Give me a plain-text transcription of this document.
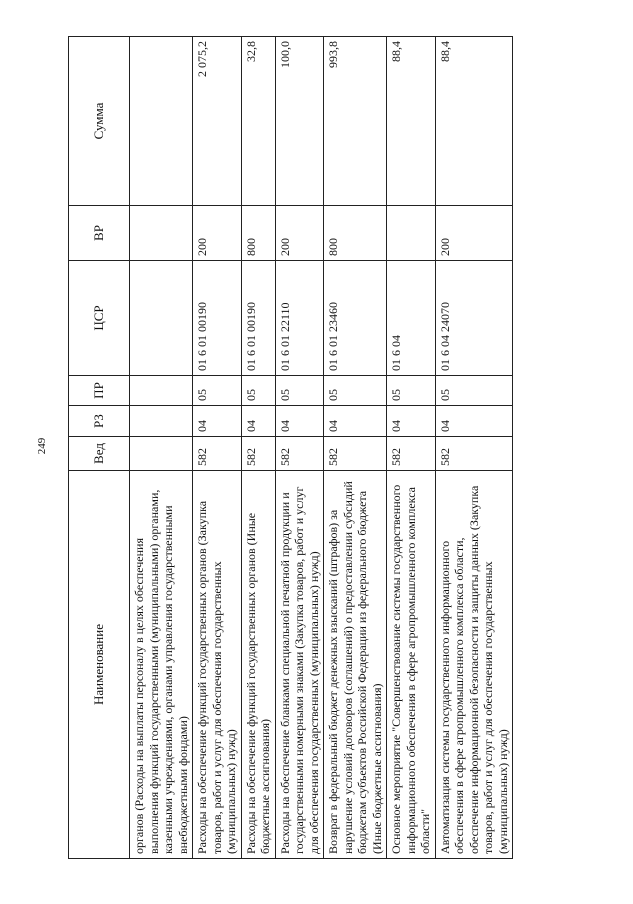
249
Наименование	Вед	РЗ	ПР	ЦСР	ВР	Сумма
органов (Расходы на выплаты персоналу в целях обеспечения выполнения функций государственными (муниципальными) органами, казенными учреждениями, органами управления государственными внебюджетными фондами)						
Расходы на обеспечение функций государственных органов (Закупка товаров, работ и услуг для обеспечения государственных (муниципальных) нужд)	582	04	05	01 6 01 00190	200	2 075,2
Расходы на обеспечение функций государственных органов (Иные бюджетные ассигнования)	582	04	05	01 6 01 00190	800	32,8
Расходы на обеспечение бланками специальной печатной продукции и государственными номерными знаками (Закупка товаров, работ и услуг для обеспечения государственных (муниципальных) нужд)	582	04	05	01 6 01 22110	200	100,0
Возврат в федеральный бюджет денежных взысканий (штрафов) за нарушение условий договоров (соглашений) о предоставлении субсидий бюджетам субъектов Российской Федерации из федерального бюджета (Иные бюджетные ассигнования)	582	04	05	01 6 01 23460	800	993,8
Основное мероприятие "Совершенствование системы государственного информационного обеспечения в сфере агропромышленного комплекса области"	582	04	05	01 6 04		88,4
Автоматизация системы государственного информационного обеспечения в сфере агропромышленного комплекса области, обеспечение информационной безопасности и защиты данных (Закупка товаров, работ и услуг для обеспечения государственных (муниципальных) нужд)	582	04	05	01 6 04 24070	200	88,4
